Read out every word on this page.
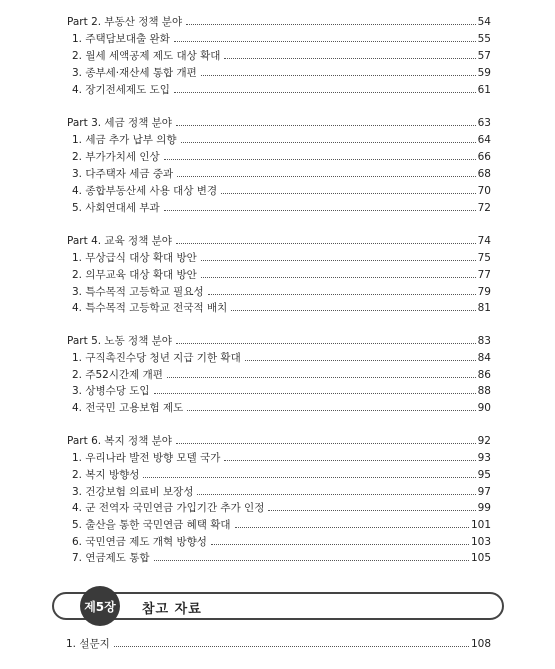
Part 2. 부동산 정책 분야	54
1. 주택담보대출 완화	55
2. 월세 세액공제 제도 대상 확대	57
3. 종부세·재산세 통합 개편	59
4. 장기전세제도 도입	61
Part 3. 세금 정책 분야	63
1. 세금 추가 납부 의향	64
2. 부가가치세 인상	66
3. 다주택자 세금 중과	68
4. 종합부동산세 사용 대상 변경	70
5. 사회연대세 부과	72
Part 4. 교육 정책 분야	74
1. 무상급식 대상 확대 방안	75
2. 의무교육 대상 확대 방안	77
3. 특수목적 고등학교 필요성	79
4. 특수목적 고등학교 전국적 배치	81
Part 5. 노동 정책 분야	83
1. 구직촉진수당 청년 지급 기한 확대	84
2. 주52시간제 개편	86
3. 상병수당 도입	88
4. 전국민 고용보험 제도	90
Part 6. 복지 정책 분야	92
1. 우리나라 발전 방향 모델 국가	93
2. 복지 방향성	95
3. 건강보험 의료비 보장성	97
4. 군 전역자 국민연금 가입기간 추가 인정	99
5. 출산을 통한 국민연금 혜택 확대	101
6. 국민연금 제도 개혁 방향성	103
7. 연금제도 통합	105
제5장	참고 자료
1. 설문지	108
